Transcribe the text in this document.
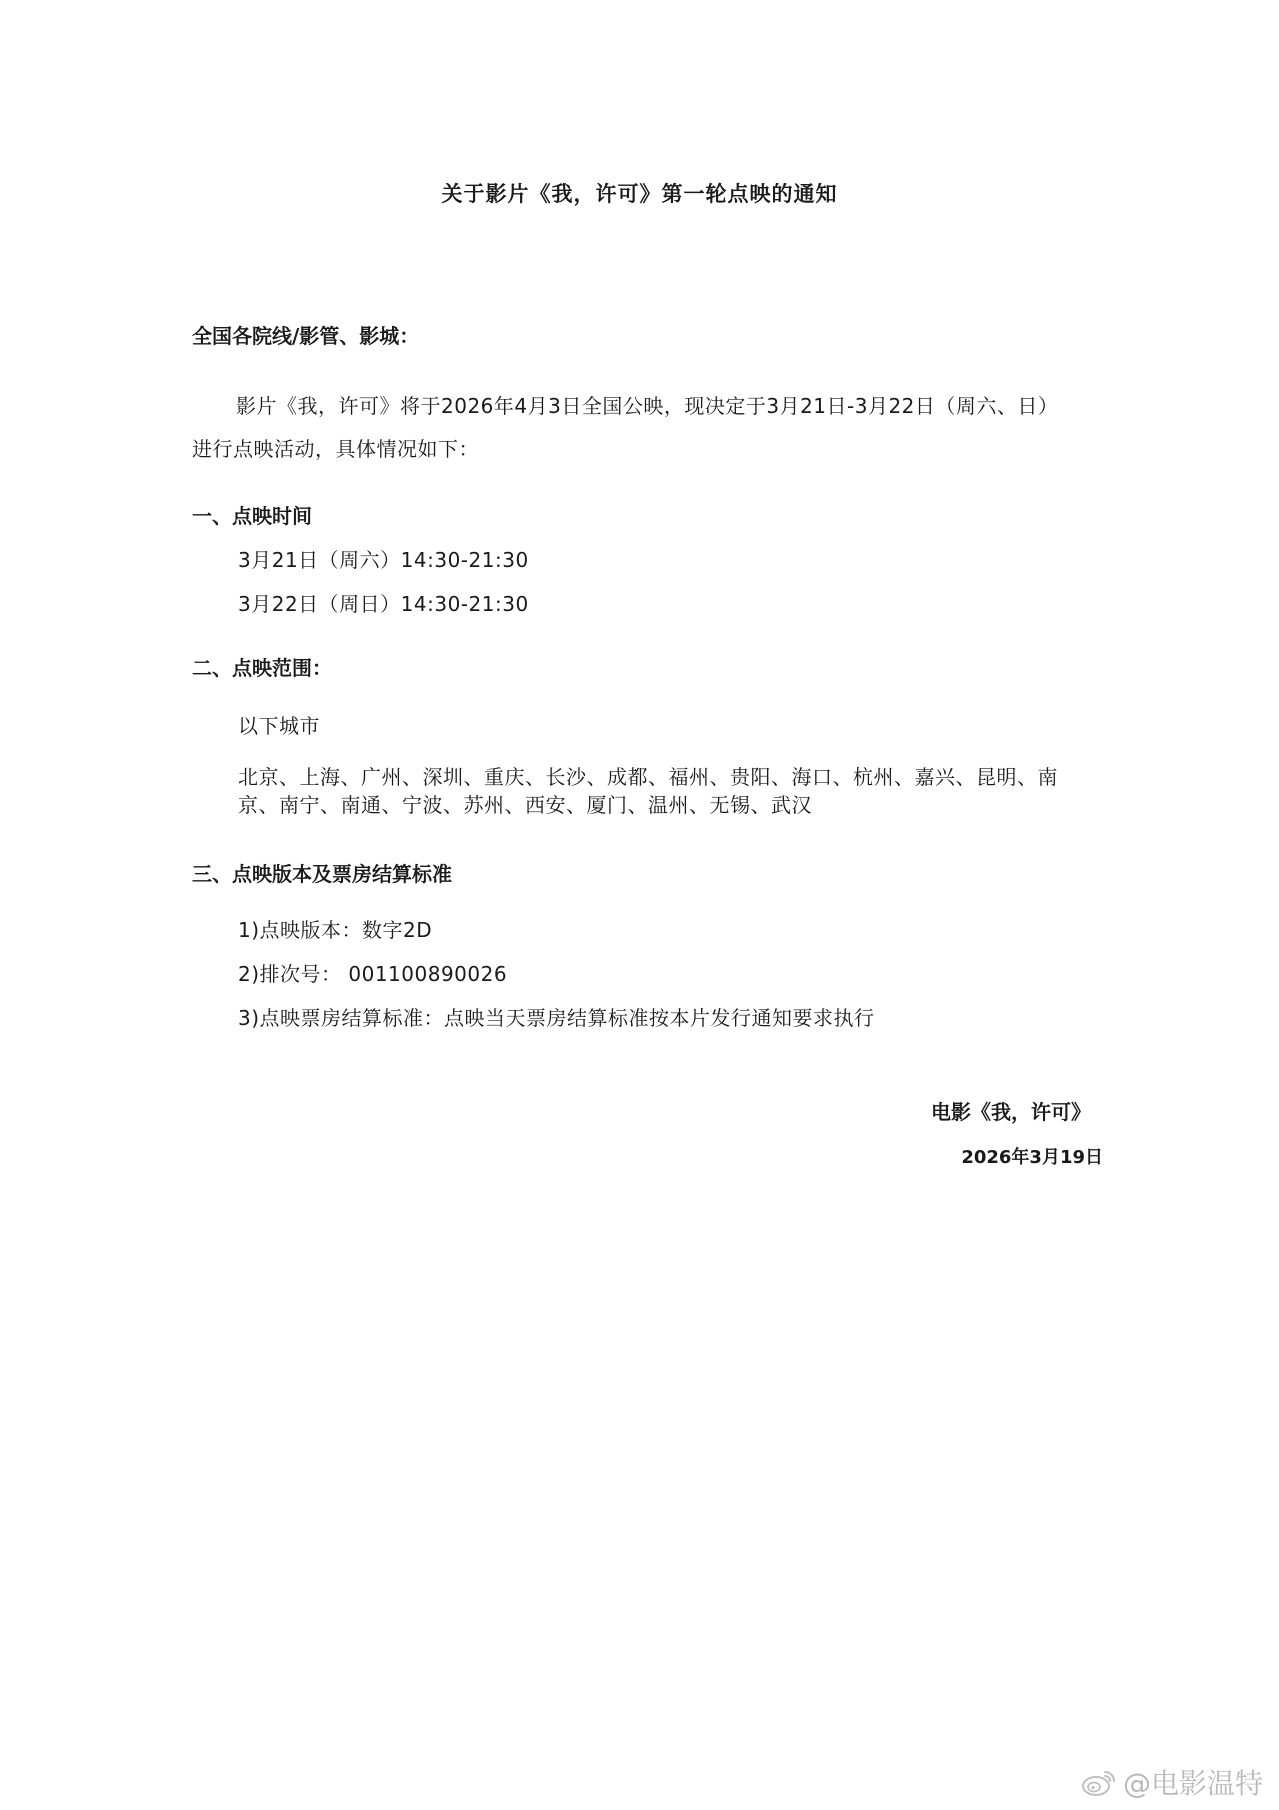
关于影片《我，许可》第一轮点映的通知
全国各院线/影管、影城：
影片《我，许可》将于2026年4月3日全国公映，现决定于3月21日-3月22日（周六、日）
进行点映活动，具体情况如下：
一、点映时间
3月21日（周六）14:30-21:30
3月22日（周日）14:30-21:30
二、点映范围：
以下城市
北京、上海、广州、深圳、重庆、长沙、成都、福州、贵阳、海口、杭州、嘉兴、昆明、南京、南宁、南通、宁波、苏州、西安、厦门、温州、无锡、武汉
三、点映版本及票房结算标准
1)点映版本：数字2D
2)排次号： 001100890026
3)点映票房结算标准：点映当天票房结算标准按本片发行通知要求执行
电影《我，许可》
2026年3月19日
@电影温特
